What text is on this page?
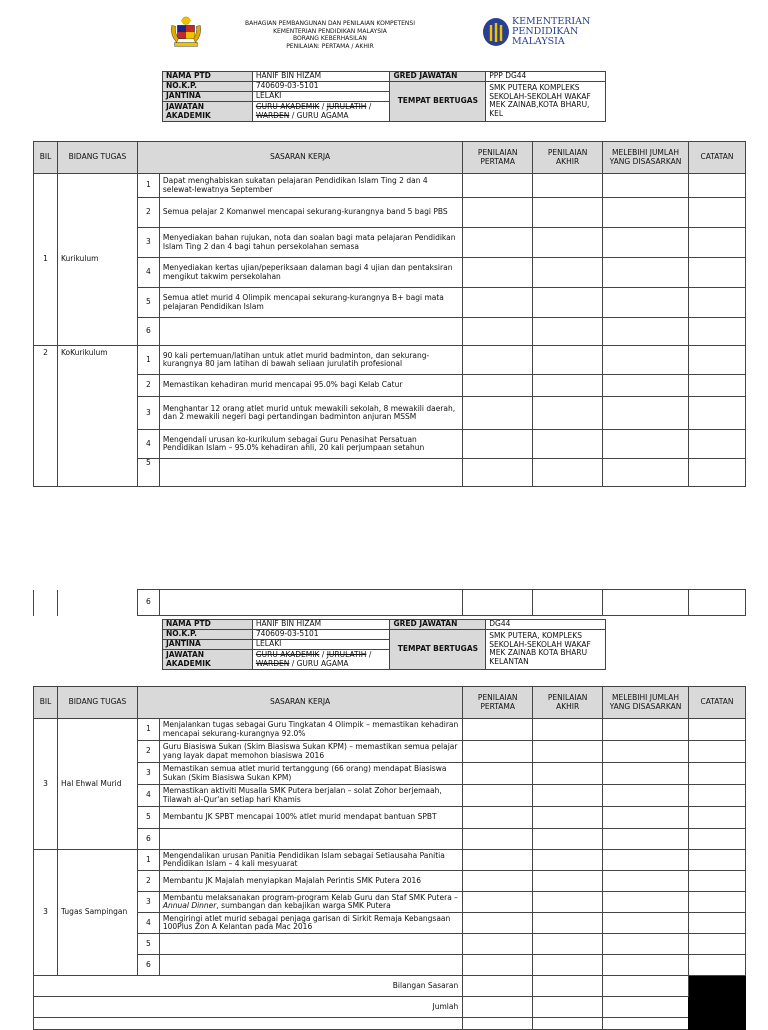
BAHAGIAN PEMBANGUNAN DAN PENILAIAN KOMPETENSI
KEMENTERIAN PENDIDIKAN MALAYSIA
BORANG KEBERHASILAN
PENILAIAN: PERTAMA / AKHIR
KEMENTERIAN
PENDIDIKAN
MALAYSIA
NAMA PTD	HANIF BIN HIZAM	GRED JAWATAN	PPP DG44
NO.K.P.	740609-03-5101	TEMPAT BERTUGAS	SMK PUTERA KOMPLEKS SEKOLAH-SEKOLAH WAKAF MEK ZAINAB,KOTA BHARU, KEL
JANTINA	LELAKI		
JAWATAN AKADEMIK	GURU AKADEMIK / JURULATIH / WARDEN / GURU AGAMA		
BIL	BIDANG TUGAS	SASARAN KERJA		PENILAIAN PERTAMA	PENILAIAN AKHIR	MELEBIHI JUMLAH YANG DISASARKAN	CATATAN
1	Kurikulum	1	Dapat menghabiskan sukatan pelajaran Pendidikan Islam Ting 2 dan 4 selewat-lewatnya September				
		2	Semua pelajar 2 Komanwel mencapai sekurang-kurangnya band 5 bagi PBS				
		3	Menyediakan bahan rujukan, nota dan soalan bagi mata pelajaran Pendidikan Islam Ting 2 dan 4 bagi tahun persekolahan semasa				
		4	Menyediakan kertas ujian/peperiksaan dalaman bagi 4 ujian dan pentaksiran mengikut takwim persekolahan				
		5	Semua atlet murid 4 Olimpik mencapai sekurang-kurangnya B+ bagi mata pelajaran Pendidikan Islam				
		6					
2	KoKurikulum	1	90 kali pertemuan/latihan untuk atlet murid badminton, dan sekurang-kurangnya 80 jam latihan di bawah seliaan jurulatih profesional				
		2	Memastikan kehadiran murid mencapai 95.0% bagi Kelab Catur				
		3	Menghantar 12 orang atlet murid untuk mewakili sekolah, 8 mewakili daerah, dan 2 mewakili negeri bagi pertandingan badminton anjuran MSSM				
		4	Mengendali urusan ko-kurikulum sebagai Guru Penasihat Persatuan Pendidikan Islam – 95.0% kehadiran ahli, 20 kali perjumpaan setahun				
		5					
		6					
NAMA PTD	HANIF BIN HIZAM	GRED JAWATAN	DG44
NO.K.P.	740609-03-5101	TEMPAT BERTUGAS	SMK PUTERA, KOMPLEKS SEKOLAH-SEKOLAH WAKAF MEK ZAINAB KOTA BHARU KELANTAN
JANTINA	LELAKI		
JAWATAN AKADEMIK	GURU AKADEMIK / JURULATIH / WARDEN / GURU AGAMA		
BIL	BIDANG TUGAS	SASARAN KERJA		PENILAIAN PERTAMA	PENILAIAN AKHIR	MELEBIHI JUMLAH YANG DISASARKAN	CATATAN
3	Hal Ehwal Murid	1	Menjalankan tugas sebagai Guru Tingkatan 4 Olimpik – memastikan kehadiran mencapai sekurang-kurangnya 92.0%				
		2	Guru Biasiswa Sukan (Skim Biasiswa Sukan KPM) – memastikan semua pelajar yang layak dapat memohon biasiswa 2016				
		3	Memastikan semua atlet murid tertanggung (66 orang) mendapat Biasiswa Sukan (Skim Biasiswa Sukan KPM)				
		4	Memastikan aktiviti Musalla SMK Putera berjalan – solat Zohor berjemaah, Tilawah al-Qur'an setiap hari Khamis				
		5	Membantu JK SPBT mencapai 100% atlet murid mendapat bantuan SPBT				
		6					
3	Tugas Sampingan	1	Mengendalikan urusan Panitia Pendidikan Islam sebagai Setiausaha Panitia Pendidikan Islam – 4 kali mesyuarat				
		2	Membantu JK Majalah menyiapkan Majalah Perintis SMK Putera 2016				
		3	Membantu melaksanakan program-program Kelab Guru dan Staf SMK Putera – Annual Dinner, sumbangan dan kebajikan warga SMK Putera				
		4	Mengiringi atlet murid sebagai penjaga garisan di Sirkit Remaja Kebangsaan 100Plus Zon A Kelantan pada Mac 2016				
		5					
		6					
Bilangan Sasaran							
Jumlah							
